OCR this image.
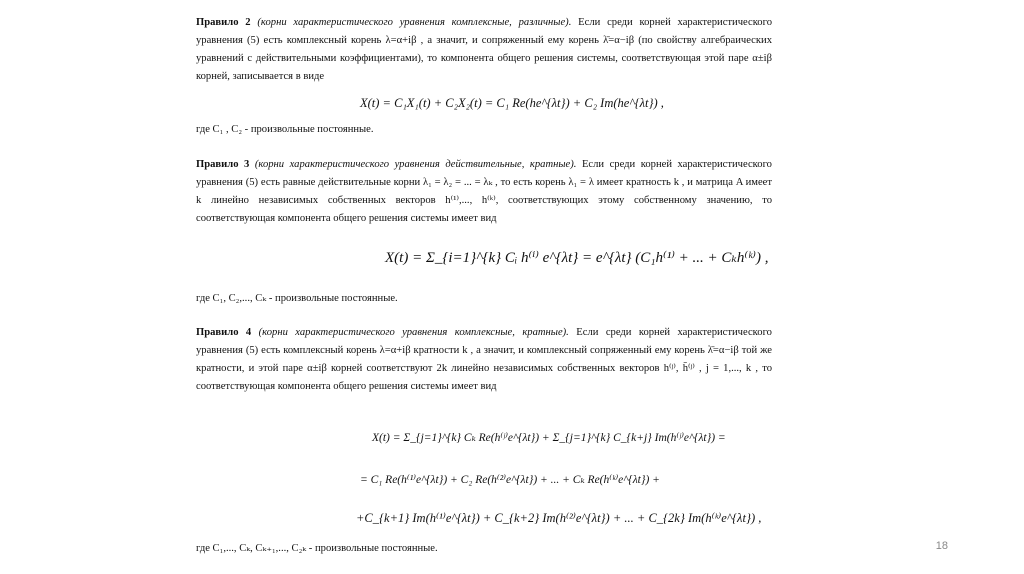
Правило 2 (корни характеристического уравнения комплексные, различные). Если среди корней характеристического уравнения (5) есть комплексный корень λ=α+iβ , а значит, и сопряженный ему корень λ̄=α−iβ (по свойству алгебраических уравнений с действительными коэффициентами), то компонента общего решения системы, соответствующая этой паре α±iβ корней, записывается в виде

X(t) = C₁X₁(t) + C₂X₂(t) = C₁ Re(he^{λt}) + C₂ Im(he^{λt}) ,
где C₁ , C₂ - произвольные постоянные.

Правило 3 (корни характеристического уравнения действительные, кратные). Если среди корней характеристического уравнения (5) есть равные действительные корни λ₁ = λ₂ = ... = λₖ , то есть корень λ₁ = λ имеет кратность k , и матрица A имеет k линейно независимых собственных векторов h⁽¹⁾,..., h⁽ᵏ⁾, соответствующих этому собственному значению, то соответствующая компонента общего решения системы имеет вид

X(t) = Σ_{i=1}^{k} Cᵢ h⁽ⁱ⁾ e^{λt} = e^{λt} (C₁h⁽¹⁾ + ... + Cₖh⁽ᵏ⁾) ,
где C₁, C₂,..., Cₖ - произвольные постоянные.

Правило 4 (корни характеристического уравнения комплексные, кратные). Если среди корней характеристического уравнения (5) есть комплексный корень λ=α+iβ кратности k , а значит, и комплексный сопряженный ему корень λ̄=α−iβ той же кратности, и этой паре α±iβ корней соответствуют 2k линейно независимых собственных векторов h⁽ʲ⁾, h̄⁽ʲ⁾ , j = 1,..., k , то соответствующая компонента общего решения системы имеет вид

X(t) = Σ_{j=1}^{k} Cₖ Re(h⁽ʲ⁾e^{λt}) + Σ_{j=1}^{k} C_{k+j} Im(h⁽ʲ⁾e^{λt}) =
= C₁ Re(h⁽¹⁾e^{λt}) + C₂ Re(h⁽²⁾e^{λt}) + ... + Cₖ Re(h⁽ᵏ⁾e^{λt}) +
+C_{k+1} Im(h⁽¹⁾e^{λt}) + C_{k+2} Im(h⁽²⁾e^{λt}) + ... + C_{2k} Im(h⁽ᵏ⁾e^{λt}) ,
где C₁,..., Cₖ, Cₖ₊₁,..., C₂ₖ - произвольные постоянные.	18
